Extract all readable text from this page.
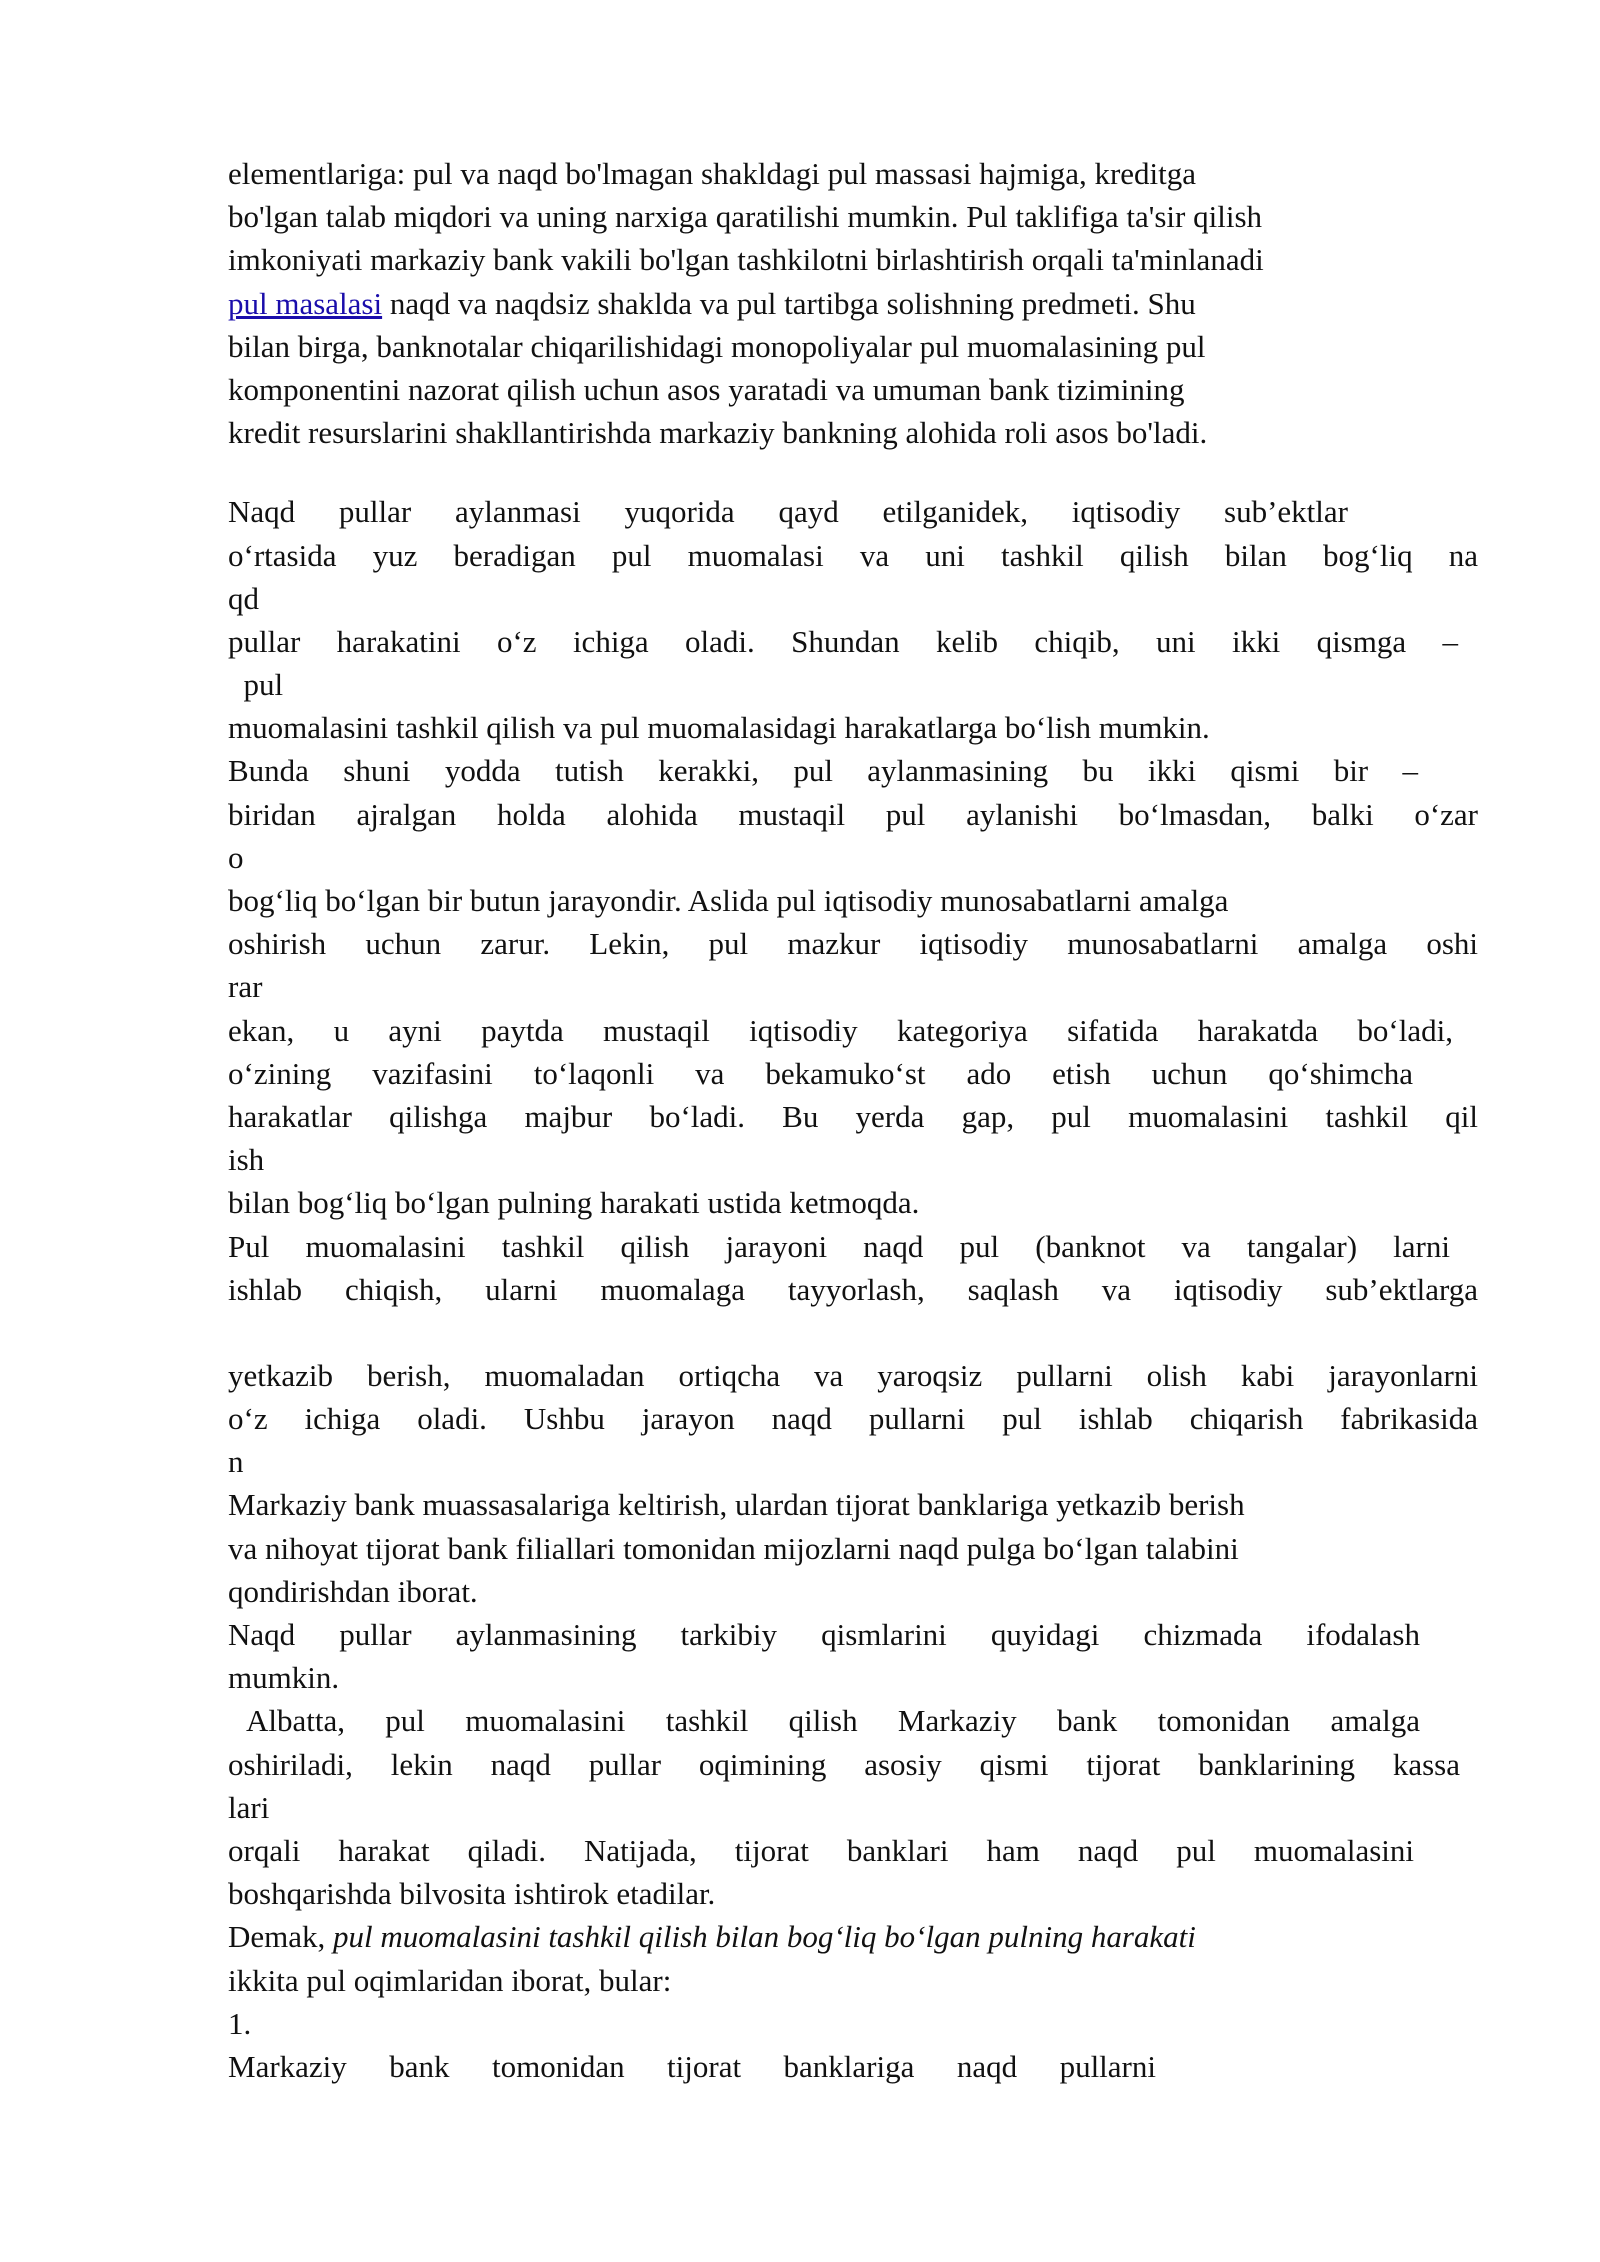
elementlariga: pul va naqd bo'lmagan shakldagi pul massasi hajmiga, kreditga
bo'lgan talab miqdori va uning narxiga qaratilishi mumkin. Pul taklifiga ta'sir qilish
imkoniyati markaziy bank vakili bo'lgan tashkilotni birlashtirish orqali ta'minlanadi
pul masalasi naqd va naqdsiz shaklda va pul tartibga solishning predmeti. Shu
bilan birga, banknotalar chiqarilishidagi monopoliyalar pul muomalasining pul
komponentini nazorat qilish uchun asos yaratadi va umuman bank tizimining
kredit resurslarini shakllantirishda markaziy bankning alohida roli asos bo'ladi.
Naqd pullar aylanmasi yuqorida qayd etilganidek, iqtisodiy sub’ektlar
o‘rtasida yuz beradigan pul muomalasi va uni tashkil qilish bilan bog‘liq na
qd
pullar harakatini o‘z ichiga oladi. Shundan kelib chiqib, uni ikki qismga –
pul
muomalasini tashkil qilish va pul muomalasidagi harakatlarga bo‘lish mumkin.
Bunda shuni yodda tutish kerakki, pul aylanmasining bu ikki qismi bir –
biridan ajralgan holda alohida mustaqil pul aylanishi bo‘lmasdan, balki o‘zar
o
bog‘liq bo‘lgan bir butun jarayondir. Aslida pul iqtisodiy munosabatlarni amalga
oshirish uchun zarur. Lekin, pul mazkur iqtisodiy munosabatlarni amalga oshi
rar
ekan, u ayni paytda mustaqil iqtisodiy kategoriya sifatida harakatda bo‘ladi,
o‘zining vazifasini to‘laqonli va bekamuko‘st ado etish uchun qo‘shimcha
harakatlar qilishga majbur bo‘ladi. Bu yerda gap, pul muomalasini tashkil qil
ish
bilan bog‘liq bo‘lgan pulning harakati ustida ketmoqda.
Pul muomalasini tashkil qilish jarayoni naqd pul (banknot va tangalar) larni
ishlab chiqish, ularni muomalaga tayyorlash, saqlash va iqtisodiy sub’ektlarga
yetkazib berish, muomaladan ortiqcha va yaroqsiz pullarni olish kabi jarayonlarni
o‘z ichiga oladi. Ushbu jarayon naqd pullarni pul ishlab chiqarish fabrikasida
n
Markaziy bank muassasalariga keltirish, ulardan tijorat banklariga yetkazib berish
va nihoyat tijorat bank filiallari tomonidan mijozlarni naqd pulga bo‘lgan talabini
qondirishdan iborat.
Naqd pullar aylanmasining tarkibiy qismlarini quyidagi chizmada ifodalash
mumkin.
Albatta, pul muomalasini tashkil qilish Markaziy bank tomonidan amalga
oshiriladi, lekin naqd pullar oqimining asosiy qismi tijorat banklarining kassa
lari
orqali harakat qiladi. Natijada, tijorat banklari ham naqd pul muomalasini
boshqarishda bilvosita ishtirok etadilar.
Demak, pul muomalasini tashkil qilish bilan bog‘liq bo‘lgan pulning harakati
ikkita pul oqimlaridan iborat, bular:
1.
Markaziy bank tomonidan tijorat banklariga naqd pullarni
